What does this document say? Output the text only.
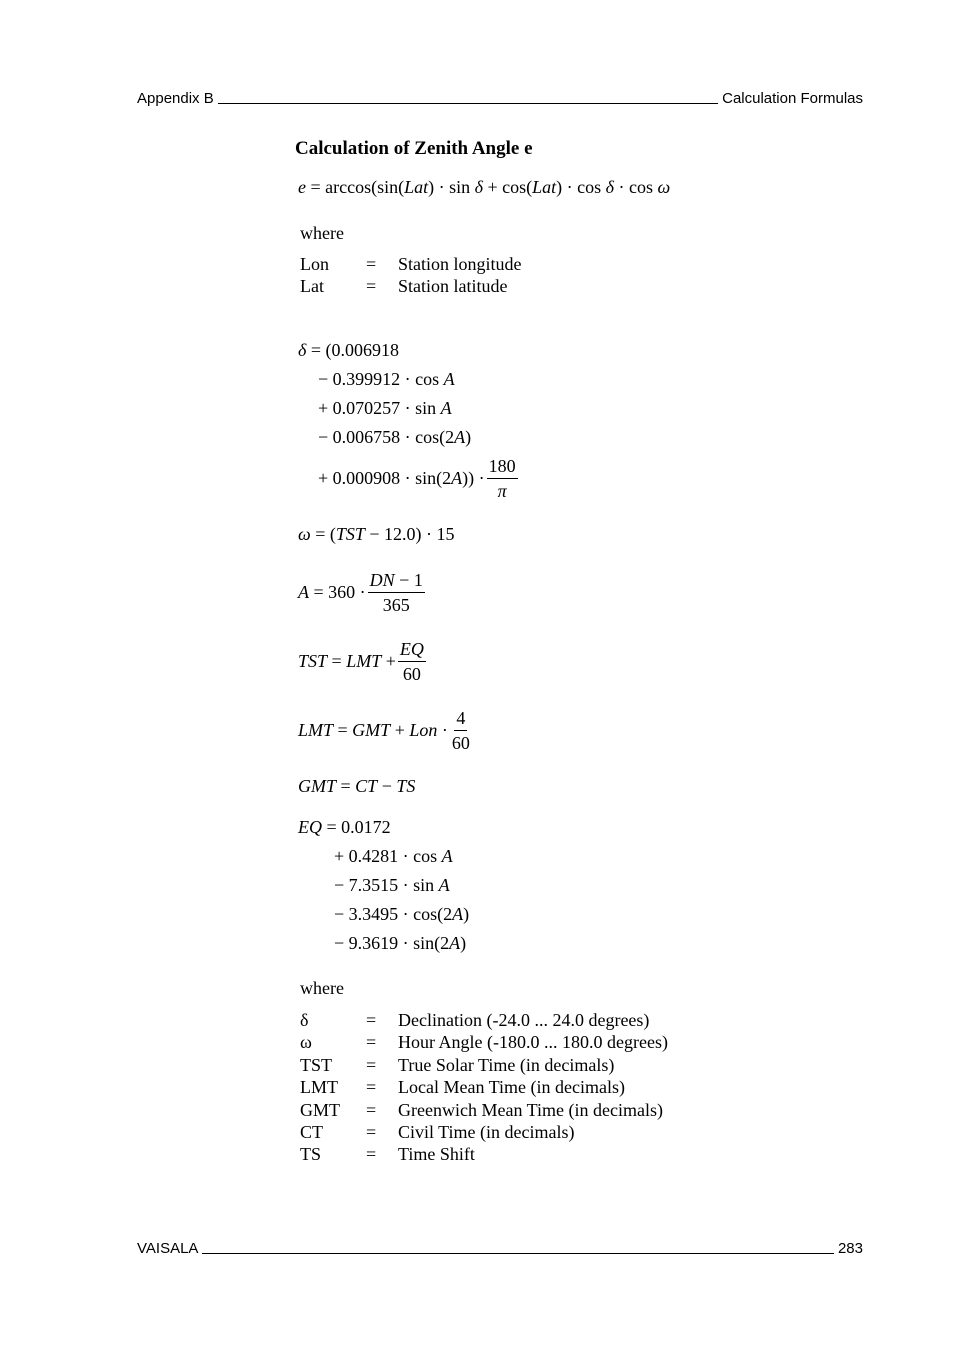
Appendix B	Calculation Formulas
Calculation of Zenith Angle e
e = arccos(sin(Lat) · sin δ + cos(Lat) · cos δ · cos ω
where
Lon	=	Station longitude
Lat	=	Station latitude
δ = (0.006918
− 0.399912 · cos A
+ 0.070257 · sin A
− 0.006758 · cos(2A)
+ $0.000908 \cdot \sin(2A)) \cdot \frac{180}{\pi}$
ω = (TST − 12.0) · 15
$A = 360 \cdot \frac{DN - 1}{365}$
TST = LMT + $\frac{EQ}{60}$
LMT = GMT + Lon · $\frac{4}{60}$
GMT = CT − TS
EQ = 0.0172
+ 0.4281 · cos A
− 7.3515 · sin A
− 3.3495 · cos(2A)
− 9.3619 · sin(2A)
where
δ	=	Declination (-24.0 ... 24.0 degrees)
ω	=	Hour Angle (-180.0 ... 180.0 degrees)
TST	=	True Solar Time (in decimals)
LMT	=	Local Mean Time (in decimals)
GMT	=	Greenwich Mean Time (in decimals)
CT	=	Civil Time (in decimals)
TS	=	Time Shift
VAISALA	283
